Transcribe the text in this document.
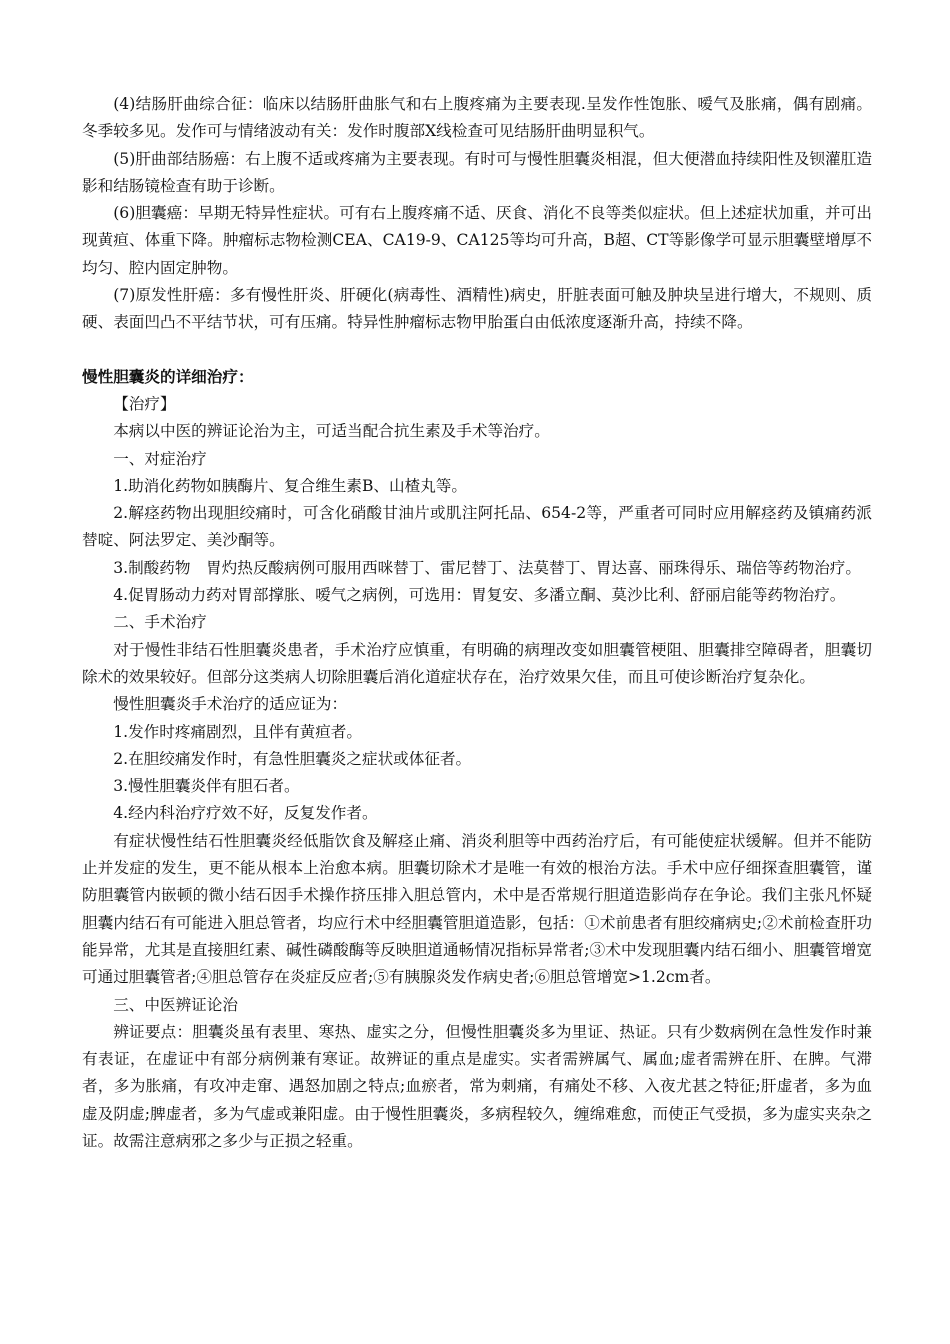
(4)结肠肝曲综合征：临床以结肠肝曲胀气和右上腹疼痛为主要表现.呈发作性饱胀、嗳气及胀痛，偶有剧痛。冬季较多见。发作可与情绪波动有关：发作时腹部X线检查可见结肠肝曲明显积气。

(5)肝曲部结肠癌：右上腹不适或疼痛为主要表现。有时可与慢性胆囊炎相混，但大便潜血持续阳性及钡灌肛造影和结肠镜检查有助于诊断。

(6)胆囊癌：早期无特异性症状。可有右上腹疼痛不适、厌食、消化不良等类似症状。但上述症状加重，并可出现黄疸、体重下降。肿瘤标志物检测CEA、CA19-9、CA125等均可升高，B超、CT等影像学可显示胆囊壁增厚不均匀、腔内固定肿物。

(7)原发性肝癌：多有慢性肝炎、肝硬化(病毒性、酒精性)病史，肝脏表面可触及肿块呈进行增大，不规则、质硬、表面凹凸不平结节状，可有压痛。特异性肿瘤标志物甲胎蛋白由低浓度逐渐升高，持续不降。

慢性胆囊炎的详细治疗：

【治疗】

本病以中医的辨证论治为主，可适当配合抗生素及手术等治疗。

一、对症治疗

1.助消化药物如胰酶片、复合维生素B、山楂丸等。

2.解痉药物出现胆绞痛时，可含化硝酸甘油片或肌注阿托品、654-2等，严重者可同时应用解痉药及镇痛药派替啶、阿法罗定、美沙酮等。

3.制酸药物　胃灼热反酸病例可服用西咪替丁、雷尼替丁、法莫替丁、胃达喜、丽珠得乐、瑞倍等药物治疗。

4.促胃肠动力药对胃部撑胀、嗳气之病例，可选用：胃复安、多潘立酮、莫沙比利、舒丽启能等药物治疗。

二、手术治疗

对于慢性非结石性胆囊炎患者，手术治疗应慎重，有明确的病理改变如胆囊管梗阻、胆囊排空障碍者，胆囊切除术的效果较好。但部分这类病人切除胆囊后消化道症状存在，治疗效果欠佳，而且可使诊断治疗复杂化。

慢性胆囊炎手术治疗的适应证为：

1.发作时疼痛剧烈，且伴有黄疸者。

2.在胆绞痛发作时，有急性胆囊炎之症状或体征者。

3.慢性胆囊炎伴有胆石者。

4.经内科治疗疗效不好，反复发作者。

有症状慢性结石性胆囊炎经低脂饮食及解痉止痛、消炎利胆等中西药治疗后，有可能使症状缓解。但并不能防止并发症的发生，更不能从根本上治愈本病。胆囊切除术才是唯一有效的根治方法。手术中应仔细探查胆囊管，谨防胆囊管内嵌顿的微小结石因手术操作挤压排入胆总管内，术中是否常规行胆道造影尚存在争论。我们主张凡怀疑胆囊内结石有可能进入胆总管者，均应行术中经胆囊管胆道造影，包括：①术前患者有胆绞痛病史;②术前检查肝功能异常，尤其是直接胆红素、碱性磷酸酶等反映胆道通畅情况指标异常者;③术中发现胆囊内结石细小、胆囊管增宽可通过胆囊管者;④胆总管存在炎症反应者;⑤有胰腺炎发作病史者;⑥胆总管增宽>1.2cm者。

三、中医辨证论治

辨证要点：胆囊炎虽有表里、寒热、虚实之分，但慢性胆囊炎多为里证、热证。只有少数病例在急性发作时兼有表证，在虚证中有部分病例兼有寒证。故辨证的重点是虚实。实者需辨属气、属血;虚者需辨在肝、在脾。气滞者，多为胀痛，有攻冲走窜、遇怒加剧之特点;血瘀者，常为刺痛，有痛处不移、入夜尤甚之特征;肝虚者，多为血虚及阴虚;脾虚者，多为气虚或兼阳虚。由于慢性胆囊炎，多病程较久，缠绵难愈，而使正气受损，多为虚实夹杂之证。故需注意病邪之多少与正损之轻重。
